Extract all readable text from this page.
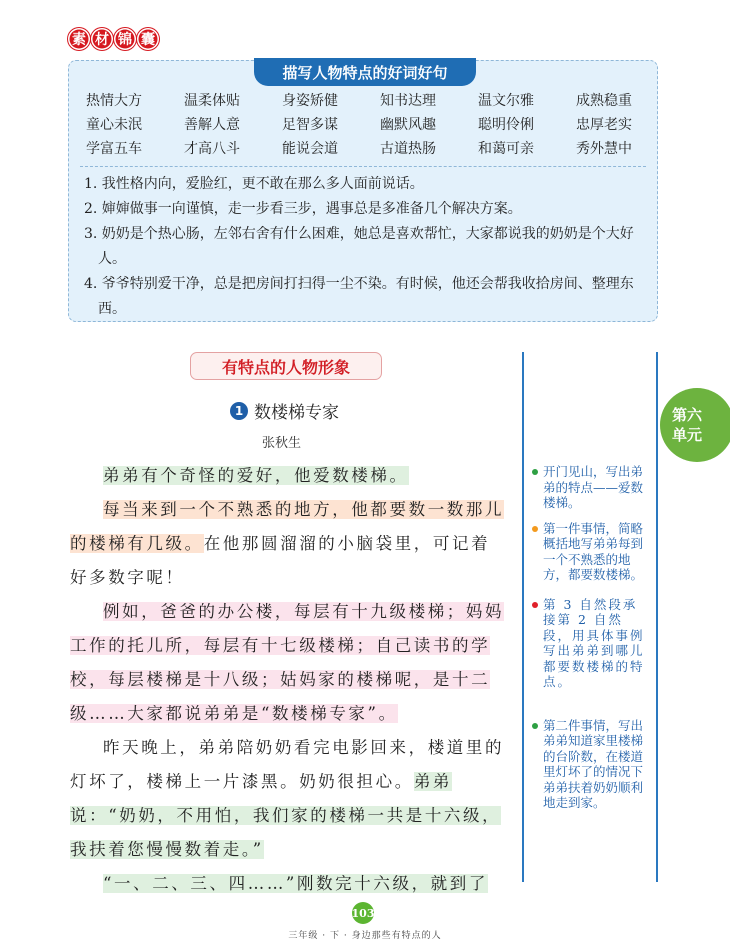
素 材 锦 囊
描写人物特点的好词好句
热情大方	温柔体贴	身姿矫健	知书达理	温文尔雅	成熟稳重
童心未泯	善解人意	足智多谋	幽默风趣	聪明伶俐	忠厚老实
学富五车	才高八斗	能说会道	古道热肠	和蔼可亲	秀外慧中
1. 我性格内向，爱脸红，更不敢在那么多人面前说话。
2. 婶婶做事一向谨慎，走一步看三步，遇事总是多准备几个解决方案。
3. 奶奶是个热心肠，左邻右舍有什么困难，她总是喜欢帮忙，大家都说我的奶奶是个大好人。
4. 爷爷特别爱干净，总是把房间打扫得一尘不染。有时候，他还会帮我收拾房间、整理东西。
有特点的人物形象
1 数楼梯专家
张秋生

弟弟有个奇怪的爱好，他爱数楼梯。

每当来到一个不熟悉的地方，他都要数一数那儿的楼梯有几级。在他那圆溜溜的小脑袋里，可记着好多数字呢！

例如，爸爸的办公楼，每层有十九级楼梯；妈妈工作的托儿所，每层有十七级楼梯；自己读书的学校，每层楼梯是十八级；姑妈家的楼梯呢，是十二级……大家都说弟弟是“数楼梯专家”。

昨天晚上，弟弟陪奶奶看完电影回来，楼道里的灯坏了，楼梯上一片漆黑。奶奶很担心。弟弟说：“奶奶，不用怕，我们家的楼梯一共是十六级，我扶着您慢慢数着走。”

“一、二、三、四……”刚数完十六级，就到了

开门见山，写出弟弟的特点——爱数楼梯。
第一件事情，简略概括地写弟弟每到一个不熟悉的地方，都要数楼梯。
第 3 自然段承接第 2 自然段，用具体事例写出弟弟到哪儿都要数楼梯的特点。
第二件事情，写出弟弟知道家里楼梯的台阶数，在楼道里灯坏了的情况下弟弟扶着奶奶顺利地走到家。
第六
单元
103
三年级 · 下 · 身边那些有特点的人
